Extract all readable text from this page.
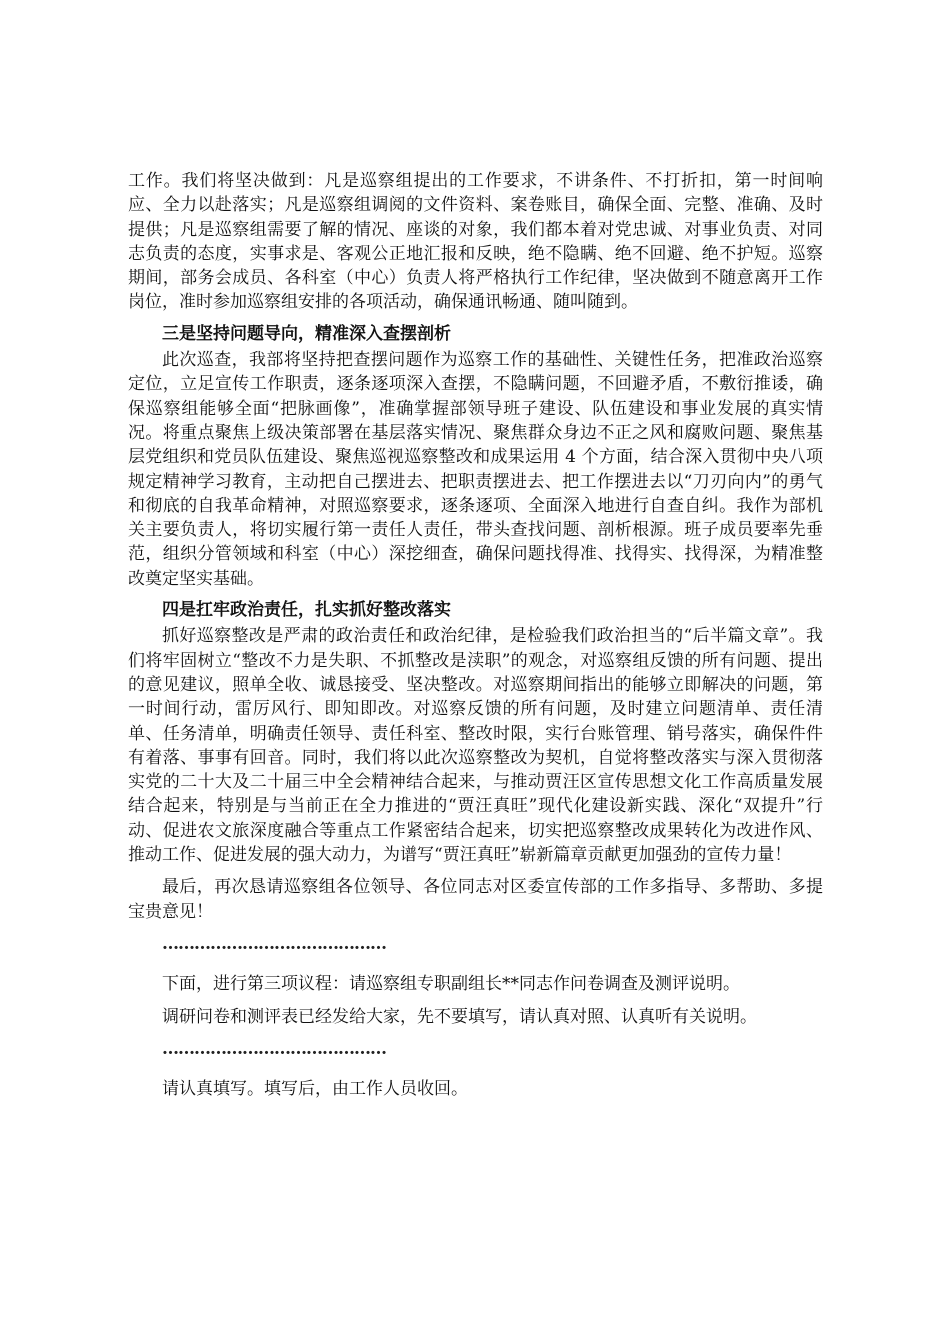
工作。我们将坚决做到：凡是巡察组提出的工作要求，不讲条件、不打折扣，第一时间响应、全力以赴落实；凡是巡察组调阅的文件资料、案卷账目，确保全面、完整、准确、及时提供；凡是巡察组需要了解的情况、座谈的对象，我们都本着对党忠诚、对事业负责、对同志负责的态度，实事求是、客观公正地汇报和反映，绝不隐瞒、绝不回避、绝不护短。巡察期间，部务会成员、各科室（中心）负责人将严格执行工作纪律，坚决做到不随意离开工作岗位，准时参加巡察组安排的各项活动，确保通讯畅通、随叫随到。

三是坚持问题导向，精准深入查摆剖析

此次巡查，我部将坚持把查摆问题作为巡察工作的基础性、关键性任务，把准政治巡察定位，立足宣传工作职责，逐条逐项深入查摆，不隐瞒问题，不回避矛盾，不敷衍推诿，确保巡察组能够全面“把脉画像”，准确掌握部领导班子建设、队伍建设和事业发展的真实情况。将重点聚焦上级决策部署在基层落实情况、聚焦群众身边不正之风和腐败问题、聚焦基层党组织和党员队伍建设、聚焦巡视巡察整改和成果运用 4 个方面，结合深入贯彻中央八项规定精神学习教育，主动把自己摆进去、把职责摆进去、把工作摆进去以“刀刃向内”的勇气和彻底的自我革命精神，对照巡察要求，逐条逐项、全面深入地进行自查自纠。我作为部机关主要负责人，将切实履行第一责任人责任，带头查找问题、剖析根源。班子成员要率先垂范，组织分管领域和科室（中心）深挖细查，确保问题找得准、找得实、找得深，为精准整改奠定坚实基础。

四是扛牢政治责任，扎实抓好整改落实

抓好巡察整改是严肃的政治责任和政治纪律，是检验我们政治担当的“后半篇文章”。我们将牢固树立“整改不力是失职、不抓整改是渎职”的观念，对巡察组反馈的所有问题、提出的意见建议，照单全收、诚恳接受、坚决整改。对巡察期间指出的能够立即解决的问题，第一时间行动，雷厉风行、即知即改。对巡察反馈的所有问题，及时建立问题清单、责任清单、任务清单，明确责任领导、责任科室、整改时限，实行台账管理、销号落实，确保件件有着落、事事有回音。同时，我们将以此次巡察整改为契机，自觉将整改落实与深入贯彻落实党的二十大及二十届三中全会精神结合起来，与推动贾汪区宣传思想文化工作高质量发展结合起来，特别是与当前正在全力推进的“贾汪真旺”现代化建设新实践、深化“双提升”行动、促进农文旅深度融合等重点工作紧密结合起来，切实把巡察整改成果转化为改进作风、推动工作、促进发展的强大动力，为谱写“贾汪真旺”崭新篇章贡献更加强劲的宣传力量！

最后，再次恳请巡察组各位领导、各位同志对区委宣传部的工作多指导、多帮助、多提宝贵意见！

……………………………………

下面，进行第三项议程：请巡察组专职副组长**同志作问卷调查及测评说明。

调研问卷和测评表已经发给大家，先不要填写，请认真对照、认真听有关说明。

……………………………………

请认真填写。填写后，由工作人员收回。
